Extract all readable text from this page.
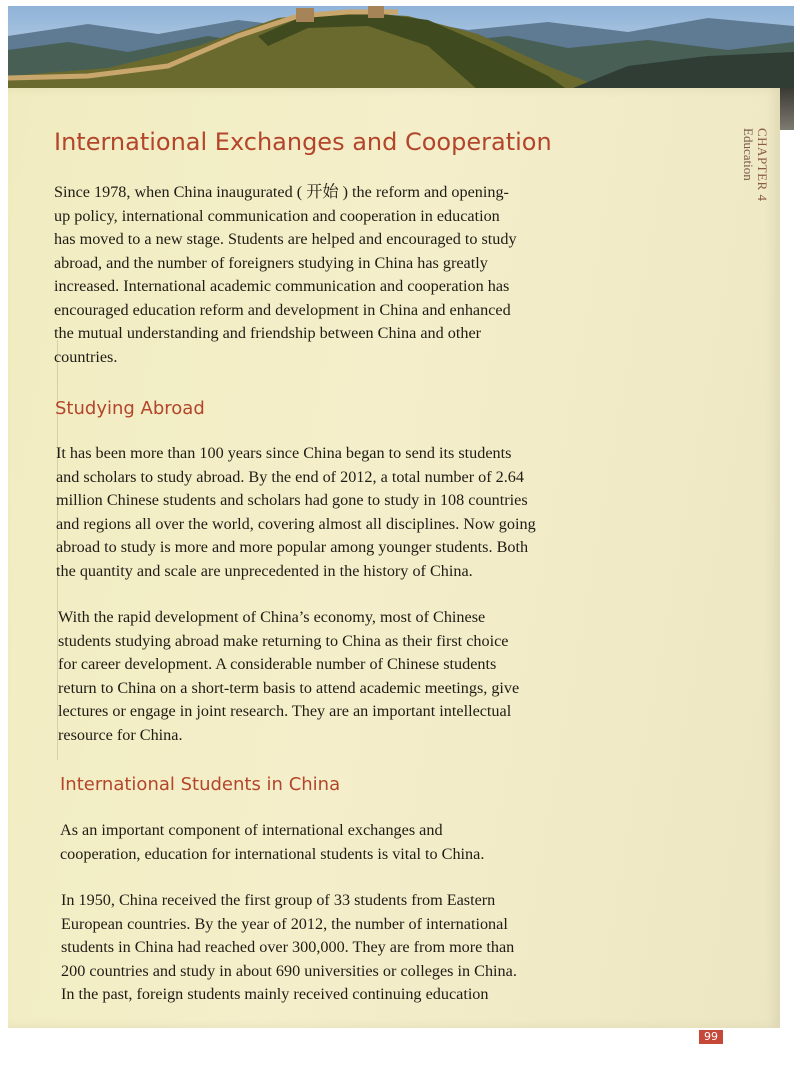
CHAPTER 4
Education
International Exchanges and Cooperation

Since 1978, when China inaugurated ( 开始 ) the reform and opening-
up policy, international communication and cooperation in education
has moved to a new stage. Students are helped and encouraged to study
abroad, and the number of foreigners studying in China has greatly
increased. International academic communication and cooperation has
encouraged education reform and development in China and enhanced
the mutual understanding and friendship between China and other
countries.

Studying Abroad

It has been more than 100 years since China began to send its students
and scholars to study abroad. By the end of 2012, a total number of 2.64
million Chinese students and scholars had gone to study in 108 countries
and regions all over the world, covering almost all disciplines. Now going
abroad to study is more and more popular among younger students. Both
the quantity and scale are unprecedented in the history of China.

With the rapid development of China’s economy, most of Chinese
students studying abroad make returning to China as their first choice
for career development. A considerable number of Chinese students
return to China on a short-term basis to attend academic meetings, give
lectures or engage in joint research. They are an important intellectual
resource for China.

International Students in China

As an important component of international exchanges and
cooperation, education for international students is vital to China.

In 1950, China received the first group of 33 students from Eastern
European countries. By the year of 2012, the number of international
students in China had reached over 300,000. They are from more than
200 countries and study in about 690 universities or colleges in China.
In the past, foreign students mainly received continuing education

99
